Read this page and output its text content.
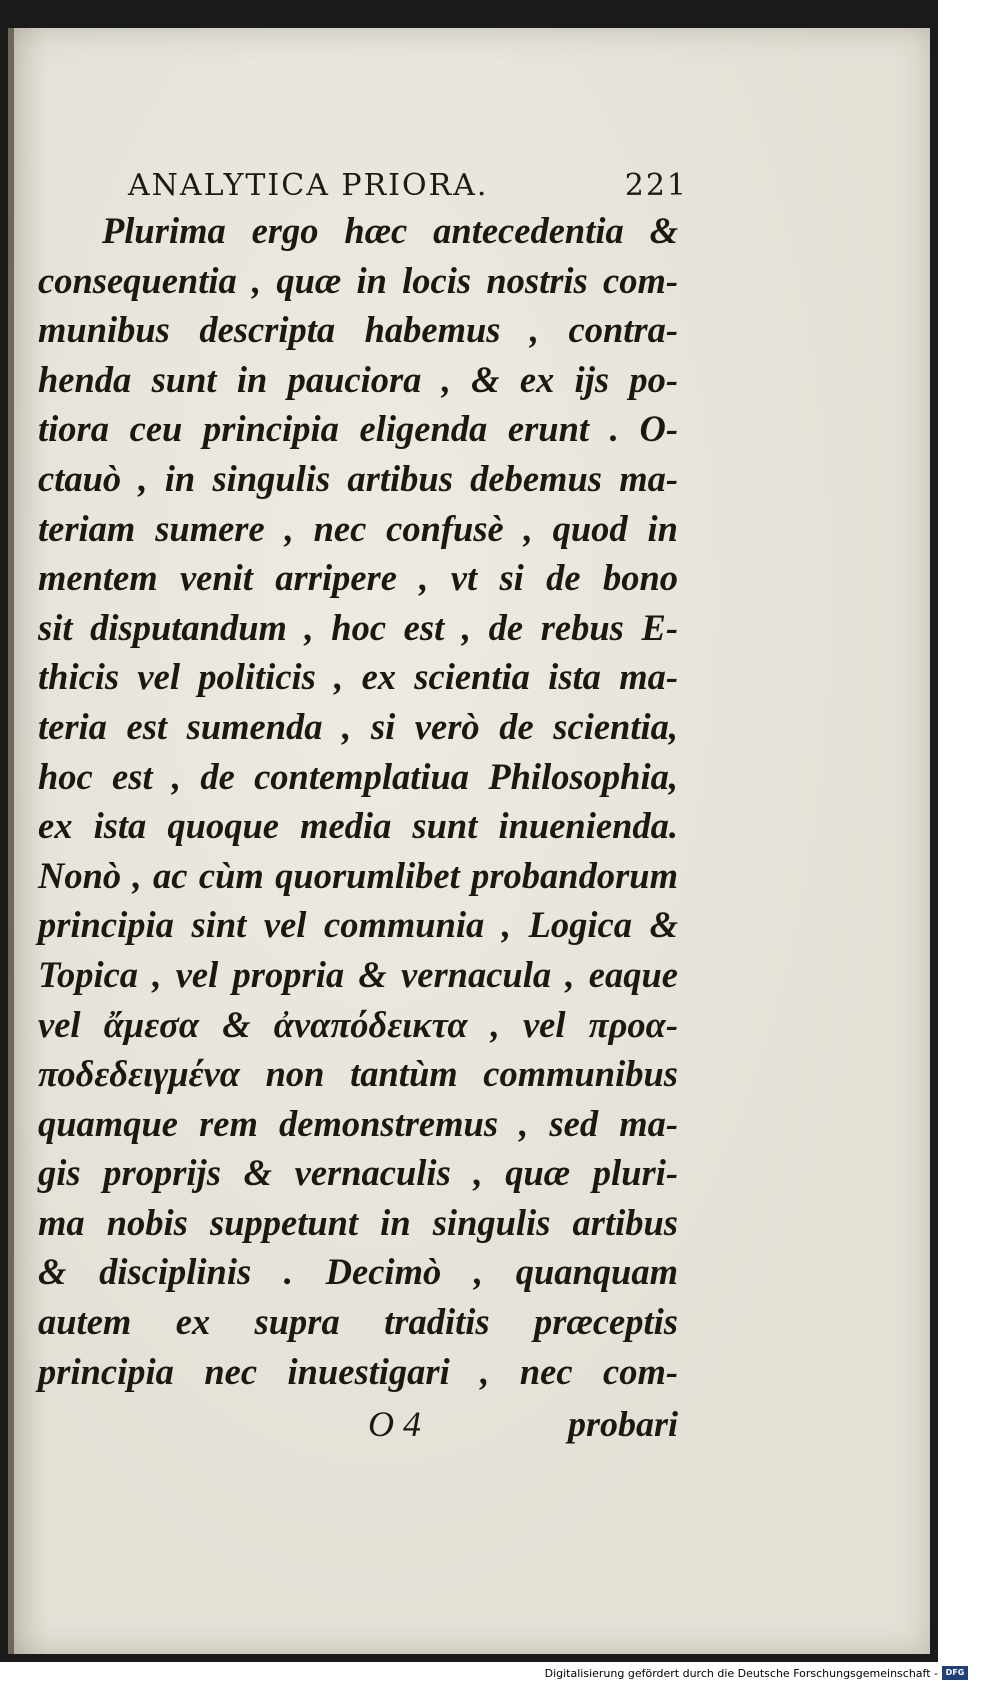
ANALYTICA PRIORA.	221
Plurima ergo hæc antecedentia &
consequentia , quæ in locis nostris com-
munibus descripta habemus , contra-
henda sunt in pauciora , & ex ijs po-
tiora ceu principia eligenda erunt . O-
ctauò , in singulis artibus debemus ma-
teriam sumere , nec confusè , quod in
mentem venit arripere , vt si de bono
sit disputandum , hoc est , de rebus E-
thicis vel politicis , ex scientia ista ma-
teria est sumenda , si verò de scientia,
hoc est , de contemplatiua Philosophia,
ex ista quoque media sunt inuenienda.
Nonò , ac cùm quorumlibet probandorum
principia sint vel communia , Logica &
Topica , vel propria & vernacula , eaque
vel ἄμεσα & ἀναπόδεικτα , vel προα-
ποδεδειγμένα non tantùm communibus
quamque rem demonstremus , sed ma-
gis proprijs & vernaculis , quæ pluri-
ma nobis suppetunt in singulis artibus
& disciplinis . Decimò , quanquam
autem ex supra traditis præceptis
principia nec inuestigari , nec com-
O 4	probari
Digitalisierung gefördert durch die Deutsche Forschungsgemeinschaft - DFG
